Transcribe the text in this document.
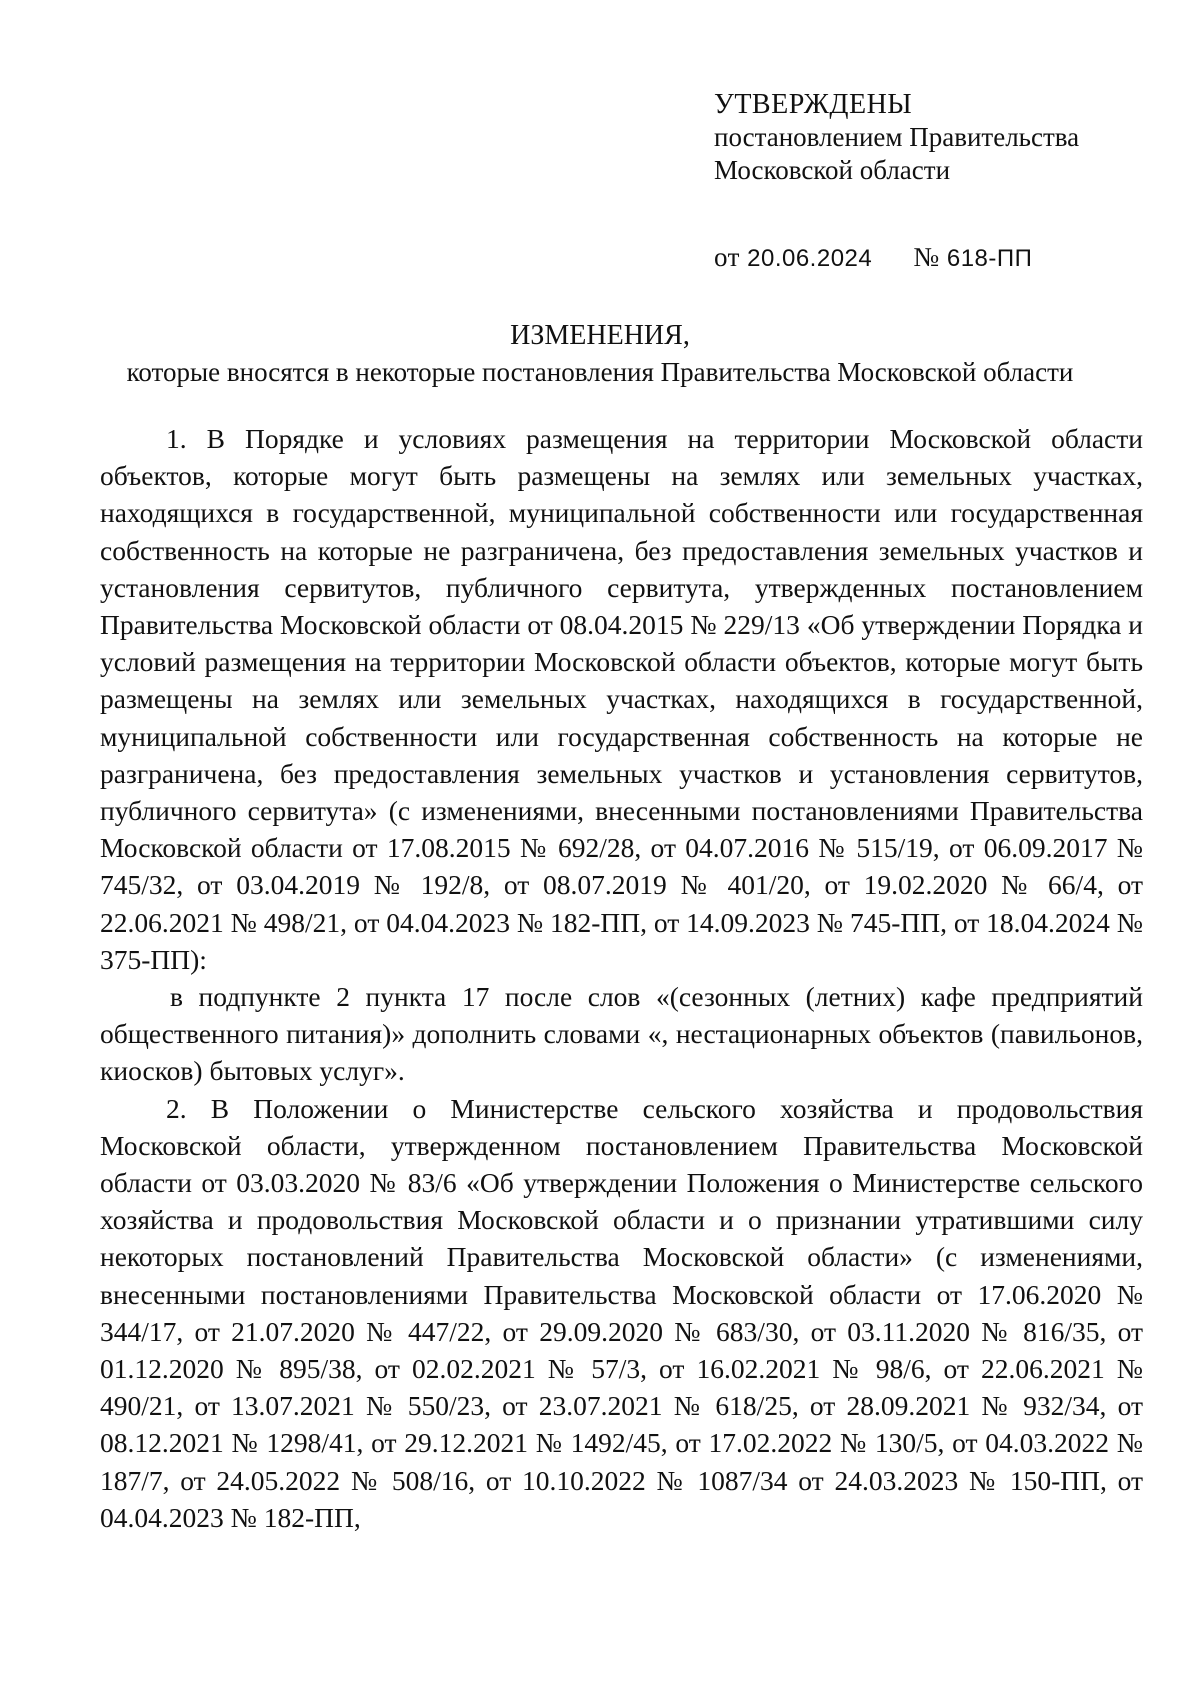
УТВЕРЖДЕНЫ
постановлением Правительства
Московской области
от 20.06.2024 № 618-ПП
ИЗМЕНЕНИЯ,
которые вносятся в некоторые постановления Правительства Московской области

1. В Порядке и условиях размещения на территории Московской области объектов, которые могут быть размещены на землях или земельных участках, находящихся в государственной, муниципальной собственности или государственная собственность на которые не разграничена, без предоставления земельных участков и установления сервитутов, публичного сервитута, утвержденных постановлением Правительства Московской области от 08.04.2015 № 229/13 «Об утверждении Порядка и условий размещения на территории Московской области объектов, которые могут быть размещены на землях или земельных участках, находящихся в государственной, муниципальной собственности или государственная собственность на которые не разграничена, без предоставления земельных участков и установления сервитутов, публичного сервитута» (с изменениями, внесенными постановлениями Правительства Московской области от 17.08.2015 № 692/28, от 04.07.2016 № 515/19, от 06.09.2017 № 745/32, от 03.04.2019 № 192/8, от 08.07.2019 № 401/20, от 19.02.2020 № 66/4, от 22.06.2021 № 498/21, от 04.04.2023 № 182-ПП, от 14.09.2023 № 745-ПП, от 18.04.2024 № 375-ПП):

в подпункте 2 пункта 17 после слов «(сезонных (летних) кафе предприятий общественного питания)» дополнить словами «, нестационарных объектов (павильонов, киосков) бытовых услуг».

2. В Положении о Министерстве сельского хозяйства и продовольствия Московской области, утвержденном постановлением Правительства Московской области от 03.03.2020 № 83/6 «Об утверждении Положения о Министерстве сельского хозяйства и продовольствия Московской области и о признании утратившими силу некоторых постановлений Правительства Московской области» (с изменениями, внесенными постановлениями Правительства Московской области от 17.06.2020 № 344/17, от 21.07.2020 № 447/22, от 29.09.2020 № 683/30, от 03.11.2020 № 816/35, от 01.12.2020 № 895/38, от 02.02.2021 № 57/3, от 16.02.2021 № 98/6, от 22.06.2021 № 490/21, от 13.07.2021 № 550/23, от 23.07.2021 № 618/25, от 28.09.2021 № 932/34, от 08.12.2021 № 1298/41, от 29.12.2021 № 1492/45, от 17.02.2022 № 130/5, от 04.03.2022 № 187/7, от 24.05.2022 № 508/16, от 10.10.2022 № 1087/34 от 24.03.2023 № 150-ПП, от 04.04.2023 № 182-ПП,
